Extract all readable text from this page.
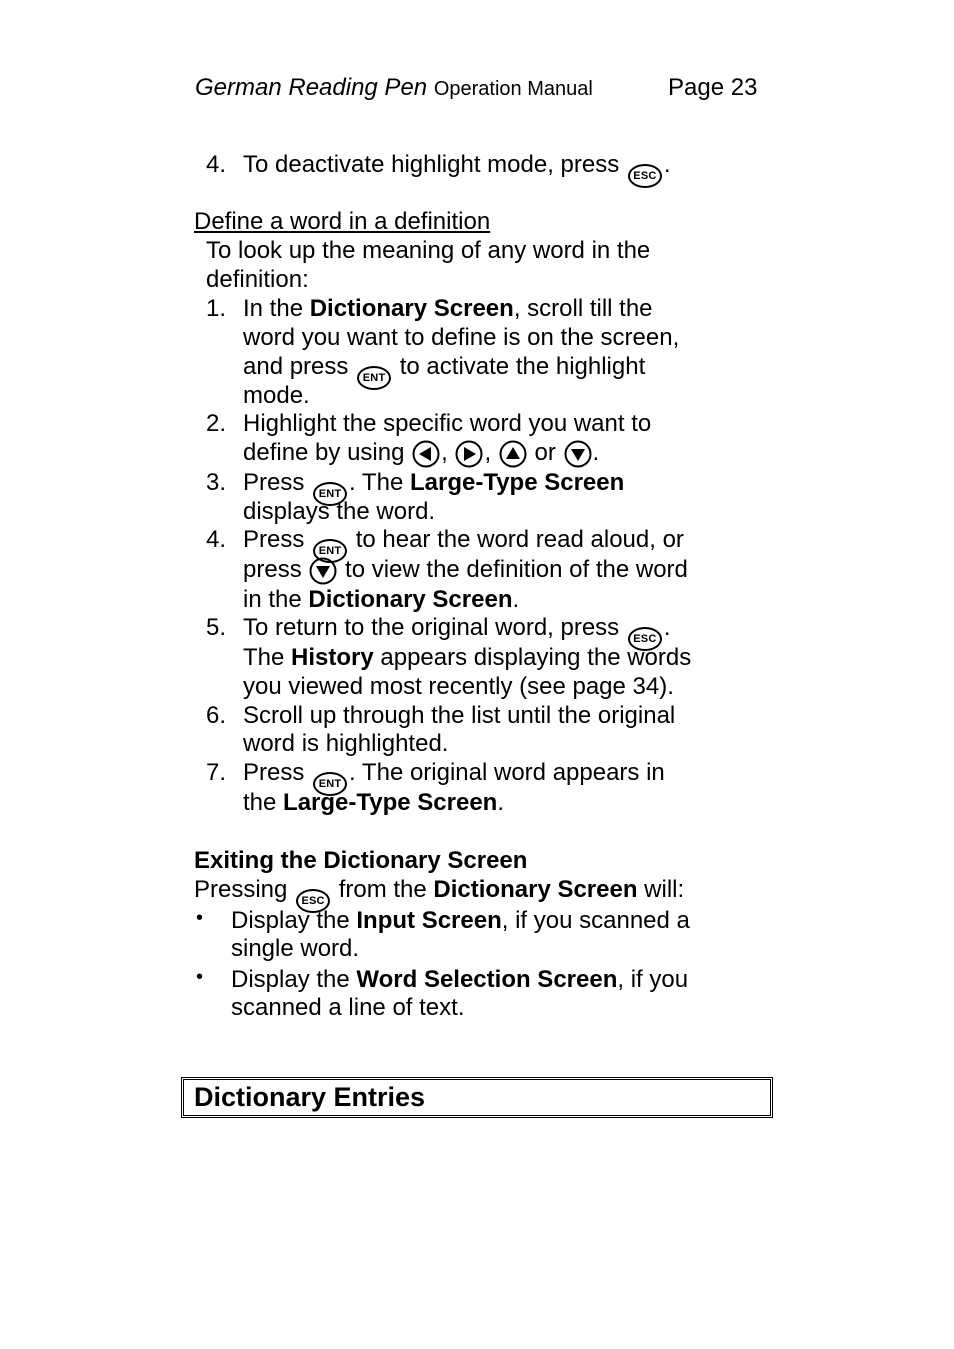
German Reading Pen Operation Manual	Page 23
4. To deactivate highlight mode, press ESC .
Define a word in a definition
To look up the meaning of any word in the
definition:
1. In the Dictionary Screen, scroll till the
word you want to define is on the screen,
and press ENT to activate the highlight
mode.
2. Highlight the specific word you want to
define by using , , or .
3. Press ENT . The Large-Type Screen
displays the word.
4. Press ENT to hear the word read aloud, or
press to view the definition of the word
in the Dictionary Screen.
5. To return to the original word, press ESC .
The History appears displaying the words
you viewed most recently (see page 34).
6. Scroll up through the list until the original
word is highlighted.
7. Press ENT . The original word appears in
the Large-Type Screen.
Exiting the Dictionary Screen
Pressing ESC from the Dictionary Screen will:
• Display the Input Screen, if you scanned a
single word.
• Display the Word Selection Screen, if you
scanned a line of text.
Dictionary Entries
